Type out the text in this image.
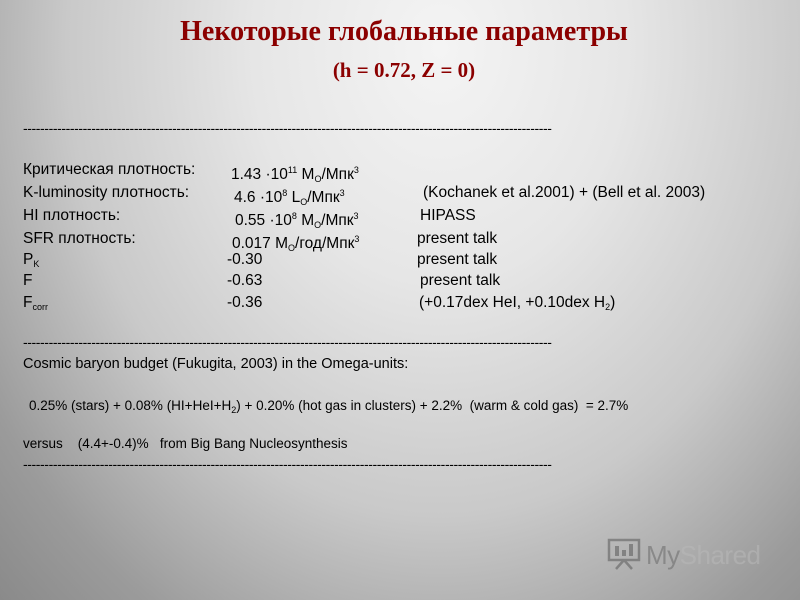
Некоторые глобальные параметры
(h = 0.72, Z = 0)
----------------------------------------------------------------------------------------------------------------------------
Критическая плотность: $1.43 \cdot 10^{11}$ MO/Мпк$^3$
K-luminosity плотность:	$4.6 \cdot 10^8$ LO/Мпк$^3$	(Kochanek et al.2001) + (Bell et al. 2003)
HI плотность:	$0.55 \cdot 10^8$ MO/Мпк$^3$	HIPASS
SFR плотность:	0.017 MO/год/Мпк$^3$	present talk
$P_K$	-0.30	present talk
F	-0.63	present talk
$F_{corr}$	-0.36	(+0.17dex HeI, +0.10dex $H_2$)
----------------------------------------------------------------------------------------------------------------------------
Cosmic baryon budget (Fukugita, 2003) in the Omega-units:
0.25% (stars) + 0.08% $(HI+HeI+H_2) + 0.20\%$ (hot gas in clusters) + 2.2%  (warm & cold gas)  = 2.7%
versus    (4.4+-0.4)%   from Big Bang Nucleosynthesis
----------------------------------------------------------------------------------------------------------------------------
MyShared
